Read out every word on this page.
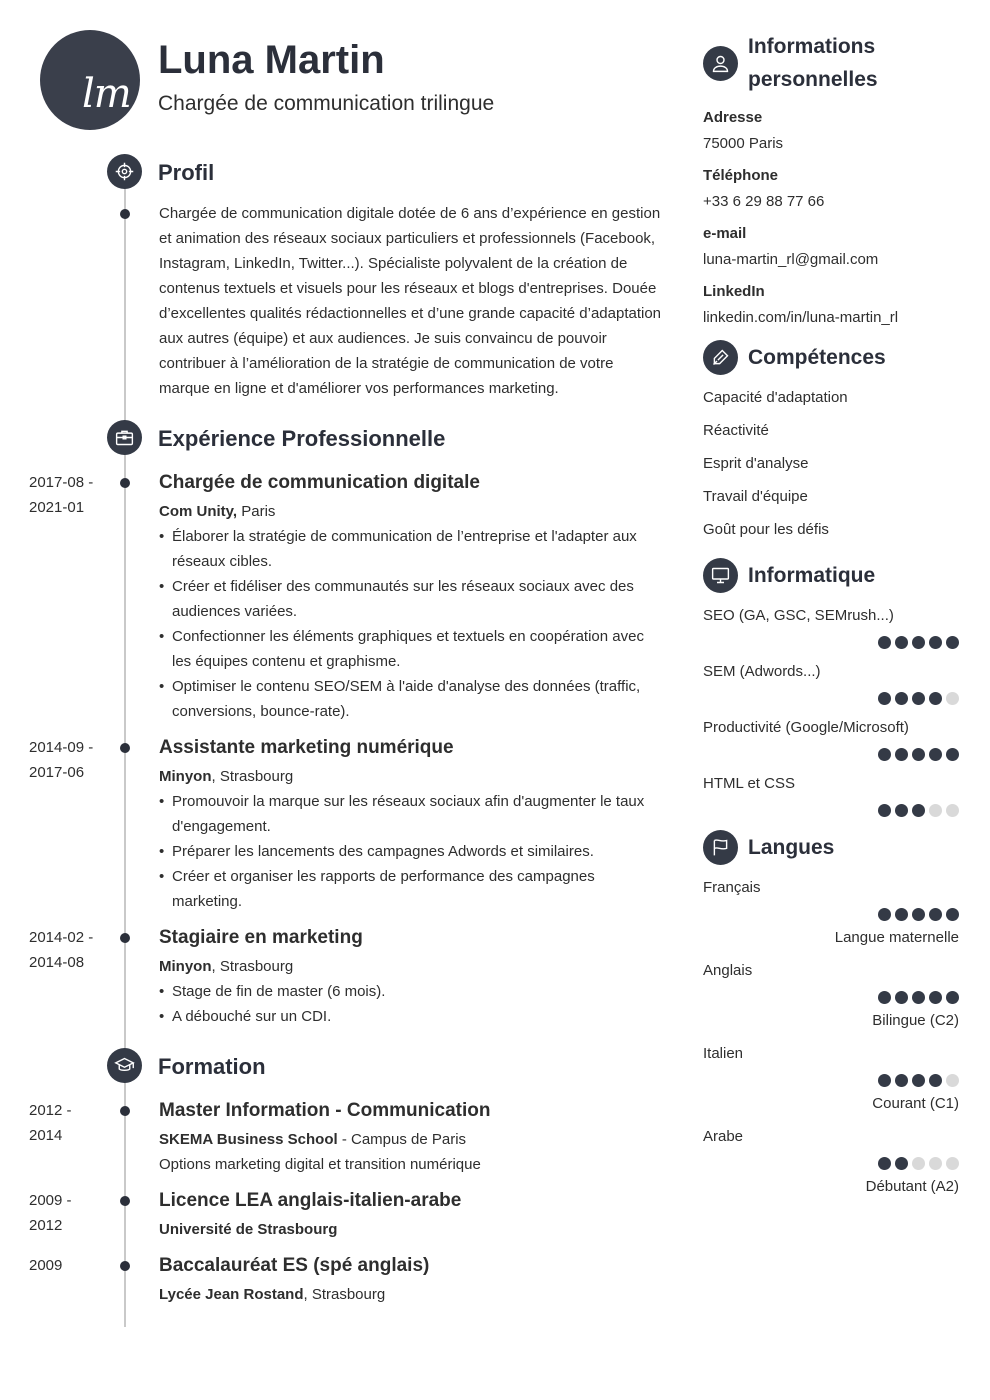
lm
Luna Martin
Chargée de communication trilingue
Profil
Chargée de communication digitale dotée de 6 ans d’expérience en gestion et animation des réseaux sociaux particuliers et professionnels (Facebook, Instagram, LinkedIn, Twitter...). Spécialiste polyvalent de la création de contenus textuels et visuels pour les réseaux et blogs d'entreprises. Douée d’excellentes qualités rédactionnelles et d’une grande capacité d’adaptation aux autres (équipe) et aux audiences. Je suis convaincu de pouvoir contribuer à l’amélioration de la stratégie de communication de votre marque en ligne et d'améliorer vos performances marketing.
Expérience Professionnelle
2017-08 -
2021-01
Chargée de communication digitale
Com Unity, Paris
• Élaborer la stratégie de communication de l’entreprise et l'adapter aux réseaux cibles.
• Créer et fidéliser des communautés sur les réseaux sociaux avec des audiences variées.
• Confectionner les éléments graphiques et textuels en coopération avec les équipes contenu et graphisme.
• Optimiser le contenu SEO/SEM à l'aide d'analyse des données (traffic, conversions, bounce-rate).
2014-09 -
2017-06
Assistante marketing numérique
Minyon, Strasbourg
• Promouvoir la marque sur les réseaux sociaux afin d'augmenter le taux d'engagement.
• Préparer les lancements des campagnes Adwords et similaires.
• Créer et organiser les rapports de performance des campagnes marketing.
2014-02 -
2014-08
Stagiaire en marketing
Minyon, Strasbourg
• Stage de fin de master (6 mois).
• A débouché sur un CDI.
Formation
2012 -
2014
Master Information - Communication
SKEMA Business School - Campus de Paris
Options marketing digital et transition numérique
2009 -
2012
Licence LEA anglais-italien-arabe
Université de Strasbourg
2009	Baccalauréat ES (spé anglais)
Lycée Jean Rostand, Strasbourg
Informations
personnelles
Adresse
75000 Paris
Téléphone
+33 6 29 88 77 66
e-mail
luna-martin_rl@gmail.com
LinkedIn
linkedin.com/in/luna-martin_rl
Compétences
Capacité d'adaptation
Réactivité
Esprit d'analyse
Travail d'équipe
Goût pour les défis
Informatique
SEO (GA, GSC, SEMrush...)
SEM (Adwords...)
Productivité (Google/Microsoft)
HTML et CSS
Langues
Français
Langue maternelle
Anglais
Bilingue (C2)
Italien
Courant (C1)
Arabe
Débutant (A2)
